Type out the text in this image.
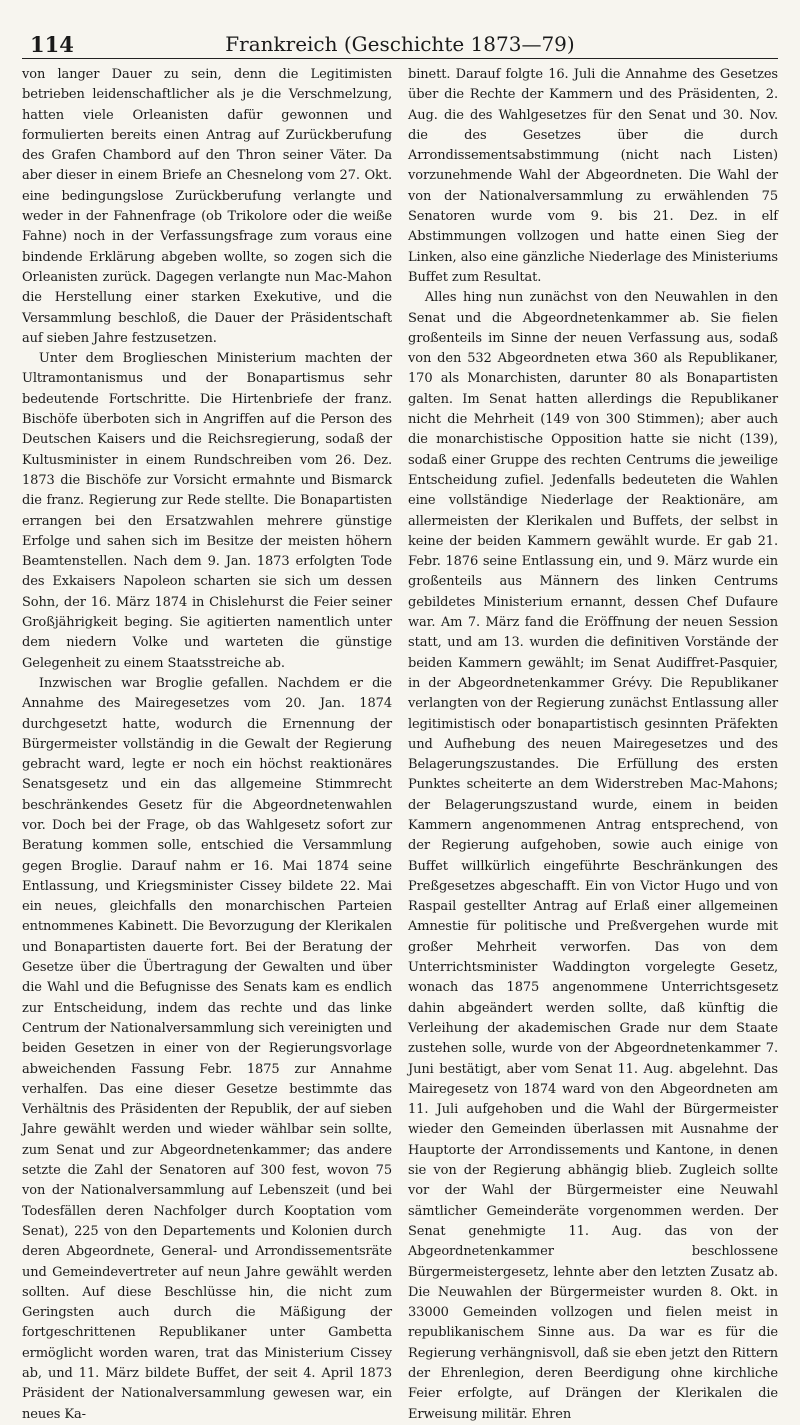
114	Frankreich (Geschichte 1873—79)

von langer Dauer zu sein, denn die Legitimisten betrieben leidenschaftlicher als je die Verschmelzung, hatten viele Orleanisten dafür gewonnen und formulierten bereits einen Antrag auf Zurückberufung des Grafen Chambord auf den Thron seiner Väter. Da aber dieser in einem Briefe an Chesnelong vom 27. Okt. eine bedingungslose Zurückberufung verlangte und weder in der Fahnenfrage (ob Trikolore oder die weiße Fahne) noch in der Verfassungsfrage zum voraus eine bindende Erklärung abgeben wollte, so zogen sich die Orleanisten zurück. Dagegen verlangte nun Mac-Mahon die Herstellung einer starken Exekutive, und die Versammlung beschloß, die Dauer der Präsidentschaft auf sieben Jahre festzusetzen.

Unter dem Broglieschen Ministerium machten der Ultramontanismus und der Bonapartismus sehr bedeutende Fortschritte. Die Hirtenbriefe der franz. Bischöfe überboten sich in Angriffen auf die Person des Deutschen Kaisers und die Reichsregierung, sodaß der Kultusminister in einem Rundschreiben vom 26. Dez. 1873 die Bischöfe zur Vorsicht ermahnte und Bismarck die franz. Regierung zur Rede stellte. Die Bonapartisten errangen bei den Ersatzwahlen mehrere günstige Erfolge und sahen sich im Besitze der meisten höhern Beamtenstellen. Nach dem 9. Jan. 1873 erfolgten Tode des Exkaisers Napoleon scharten sie sich um dessen Sohn, der 16. März 1874 in Chislehurst die Feier seiner Großjährigkeit beging. Sie agitierten namentlich unter dem niedern Volke und warteten die günstige Gelegenheit zu einem Staatsstreiche ab.

Inzwischen war Broglie gefallen. Nachdem er die Annahme des Mairegesetzes vom 20. Jan. 1874 durchgesetzt hatte, wodurch die Ernennung der Bürgermeister vollständig in die Gewalt der Regierung gebracht ward, legte er noch ein höchst reaktionäres Senatsgesetz und ein das allgemeine Stimmrecht beschränkendes Gesetz für die Abgeordnetenwahlen vor. Doch bei der Frage, ob das Wahlgesetz sofort zur Beratung kommen solle, entschied die Versammlung gegen Broglie. Darauf nahm er 16. Mai 1874 seine Entlassung, und Kriegsminister Cissey bildete 22. Mai ein neues, gleichfalls den monarchischen Parteien entnommenes Kabinett. Die Bevorzugung der Klerikalen und Bonapartisten dauerte fort. Bei der Beratung der Gesetze über die Übertragung der Gewalten und über die Wahl und die Befugnisse des Senats kam es endlich zur Entscheidung, indem das rechte und das linke Centrum der Nationalversammlung sich vereinigten und beiden Gesetzen in einer von der Regierungsvorlage abweichenden Fassung Febr. 1875 zur Annahme verhalfen. Das eine dieser Gesetze bestimmte das Verhältnis des Präsidenten der Republik, der auf sieben Jahre gewählt werden und wieder wählbar sein sollte, zum Senat und zur Abgeordnetenkammer; das andere setzte die Zahl der Senatoren auf 300 fest, wovon 75 von der Nationalversammlung auf Lebenszeit (und bei Todesfällen deren Nachfolger durch Kooptation vom Senat), 225 von den Departements und Kolonien durch deren Abgeordnete, General- und Arrondissementsräte und Gemeindevertreter auf neun Jahre gewählt werden sollten. Auf diese Beschlüsse hin, die nicht zum Geringsten auch durch die Mäßigung der fortgeschrittenen Republikaner unter Gambetta ermöglicht worden waren, trat das Ministerium Cissey ab, und 11. März bildete Buffet, der seit 4. April 1873 Präsident der Nationalversammlung gewesen war, ein neues Ka-

binett. Darauf folgte 16. Juli die Annahme des Gesetzes über die Rechte der Kammern und des Präsidenten, 2. Aug. die des Wahlgesetzes für den Senat und 30. Nov. die des Gesetzes über die durch Arrondissementsabstimmung (nicht nach Listen) vorzunehmende Wahl der Abgeordneten. Die Wahl der von der Nationalversammlung zu erwählenden 75 Senatoren wurde vom 9. bis 21. Dez. in elf Abstimmungen vollzogen und hatte einen Sieg der Linken, also eine gänzliche Niederlage des Ministeriums Buffet zum Resultat.

Alles hing nun zunächst von den Neuwahlen in den Senat und die Abgeordnetenkammer ab. Sie fielen großenteils im Sinne der neuen Verfassung aus, sodaß von den 532 Abgeordneten etwa 360 als Republikaner, 170 als Monarchisten, darunter 80 als Bonapartisten galten. Im Senat hatten allerdings die Republikaner nicht die Mehrheit (149 von 300 Stimmen); aber auch die monarchistische Opposition hatte sie nicht (139), sodaß einer Gruppe des rechten Centrums die jeweilige Entscheidung zufiel. Jedenfalls bedeuteten die Wahlen eine vollständige Niederlage der Reaktionäre, am allermeisten der Klerikalen und Buffets, der selbst in keine der beiden Kammern gewählt wurde. Er gab 21. Febr. 1876 seine Entlassung ein, und 9. März wurde ein großenteils aus Männern des linken Centrums gebildetes Ministerium ernannt, dessen Chef Dufaure war. Am 7. März fand die Eröffnung der neuen Session statt, und am 13. wurden die definitiven Vorstände der beiden Kammern gewählt; im Senat Audiffret-Pasquier, in der Abgeordnetenkammer Grévy. Die Republikaner verlangten von der Regierung zunächst Entlassung aller legitimistisch oder bonapartistisch gesinnten Präfekten und Aufhebung des neuen Mairegesetzes und des Belagerungszustandes. Die Erfüllung des ersten Punktes scheiterte an dem Widerstreben Mac-Mahons; der Belagerungszustand wurde, einem in beiden Kammern angenommenen Antrag entsprechend, von der Regierung aufgehoben, sowie auch einige von Buffet willkürlich eingeführte Beschränkungen des Preßgesetzes abgeschafft. Ein von Victor Hugo und von Raspail gestellter Antrag auf Erlaß einer allgemeinen Amnestie für politische und Preßvergehen wurde mit großer Mehrheit verworfen. Das von dem Unterrichtsminister Waddington vorgelegte Gesetz, wonach das 1875 angenommene Unterrichtsgesetz dahin abgeändert werden sollte, daß künftig die Verleihung der akademischen Grade nur dem Staate zustehen solle, wurde von der Abgeordnetenkammer 7. Juni bestätigt, aber vom Senat 11. Aug. abgelehnt. Das Mairegesetz von 1874 ward von den Abgeordneten am 11. Juli aufgehoben und die Wahl der Bürgermeister wieder den Gemeinden überlassen mit Ausnahme der Hauptorte der Arrondissements und Kantone, in denen sie von der Regierung abhängig blieb. Zugleich sollte vor der Wahl der Bürgermeister eine Neuwahl sämtlicher Gemeinderäte vorgenommen werden. Der Senat genehmigte 11. Aug. das von der Abgeordnetenkammer beschlossene Bürgermeistergesetz, lehnte aber den letzten Zusatz ab. Die Neuwahlen der Bürgermeister wurden 8. Okt. in 33000 Gemeinden vollzogen und fielen meist in republikanischem Sinne aus. Da war es für die Regierung verhängnisvoll, daß sie eben jetzt den Rittern der Ehrenlegion, deren Beerdigung ohne kirchliche Feier erfolgte, auf Drängen der Klerikalen die Erweisung militär. Ehren
